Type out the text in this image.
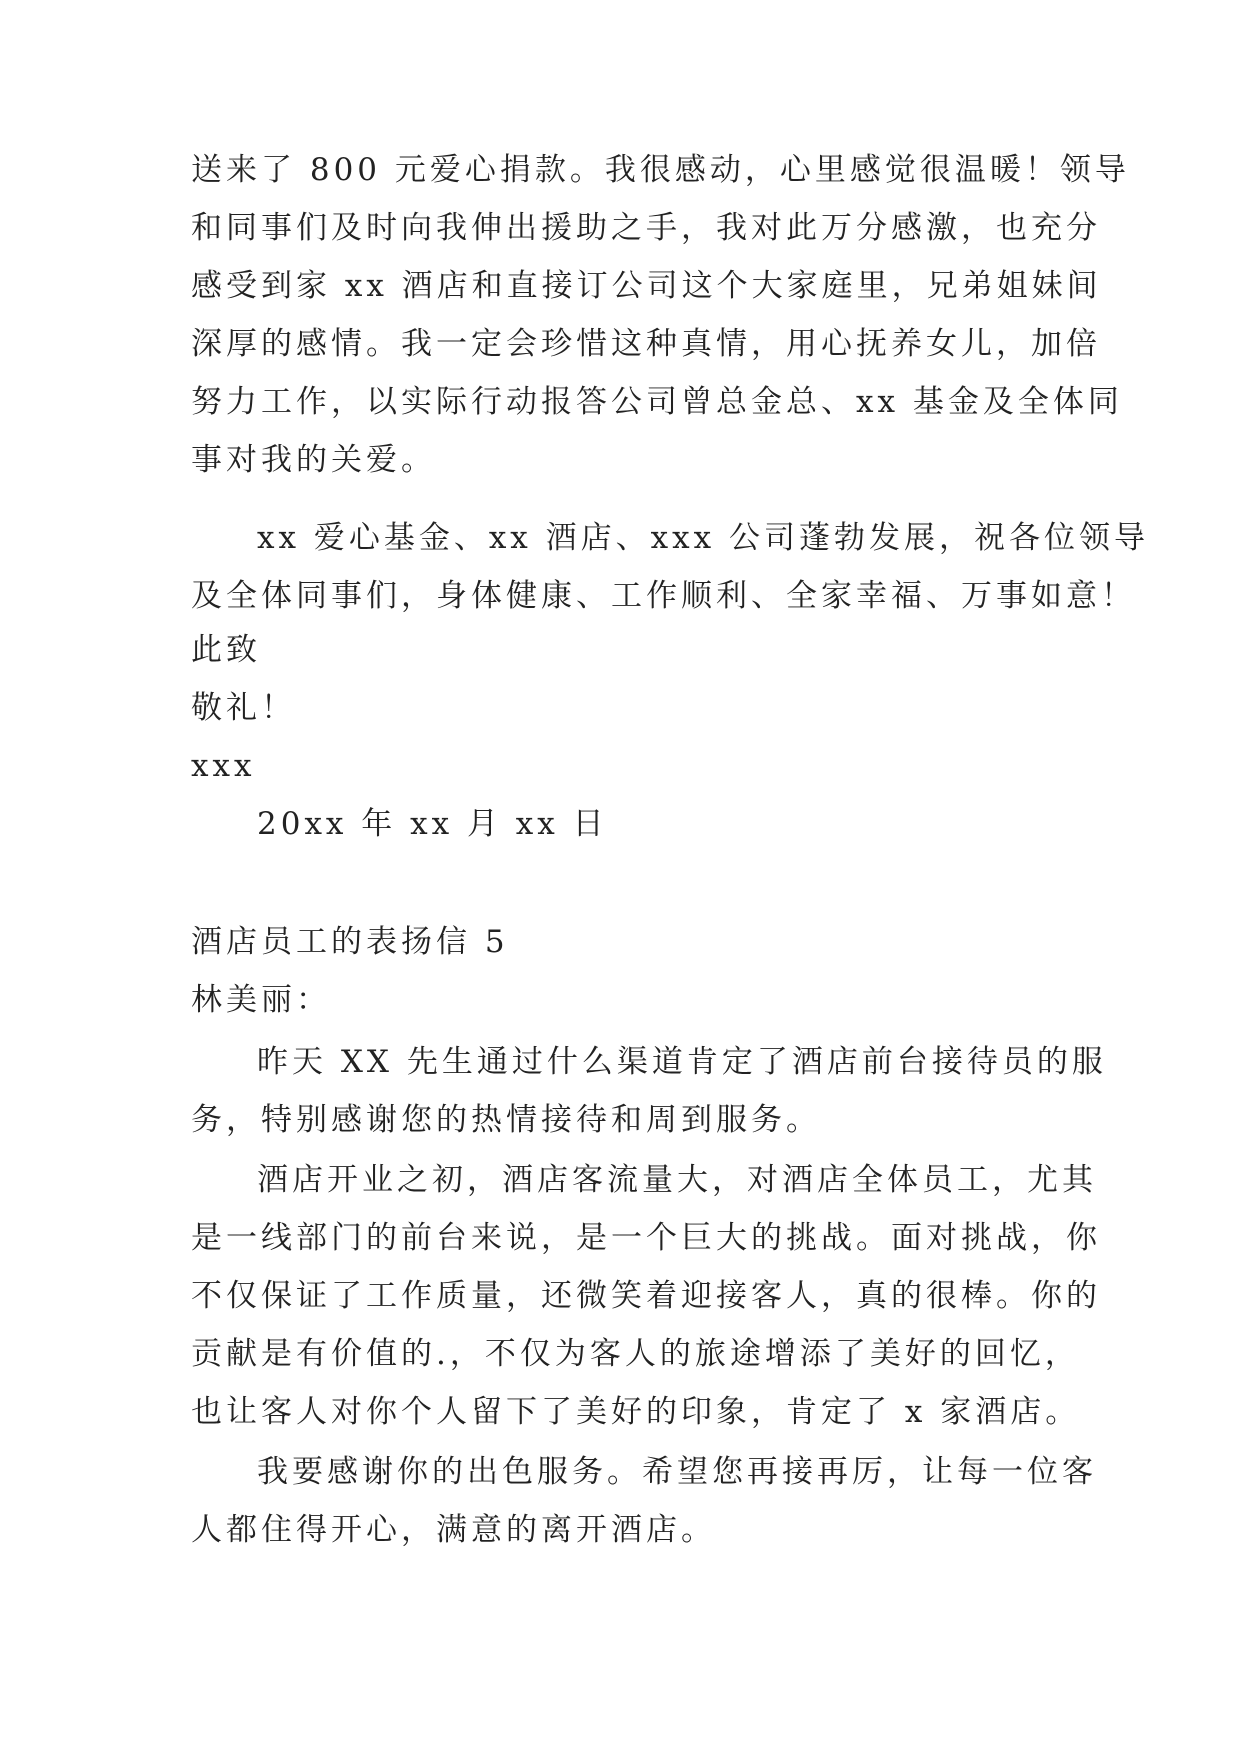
送来了 800 元爱心捐款。我很感动，心里感觉很温暖！领导
和同事们及时向我伸出援助之手，我对此万分感激，也充分
感受到家 xx 酒店和直接订公司这个大家庭里，兄弟姐妹间
深厚的感情。我一定会珍惜这种真情，用心抚养女儿，加倍
努力工作，以实际行动报答公司曾总金总、xx 基金及全体同
事对我的关爱。
xx 爱心基金、xx 酒店、xxx 公司蓬勃发展，祝各位领导
及全体同事们，身体健康、工作顺利、全家幸福、万事如意！
此致
敬礼！
xxx
20xx 年 xx 月 xx 日
酒店员工的表扬信 5
林美丽：
昨天 XX 先生通过什么渠道肯定了酒店前台接待员的服
务，特别感谢您的热情接待和周到服务。
酒店开业之初，酒店客流量大，对酒店全体员工，尤其
是一线部门的前台来说，是一个巨大的挑战。面对挑战，你
不仅保证了工作质量，还微笑着迎接客人，真的很棒。你的
贡献是有价值的.，不仅为客人的旅途增添了美好的回忆，
也让客人对你个人留下了美好的印象，肯定了 x 家酒店。
我要感谢你的出色服务。希望您再接再厉，让每一位客
人都住得开心，满意的离开酒店。
